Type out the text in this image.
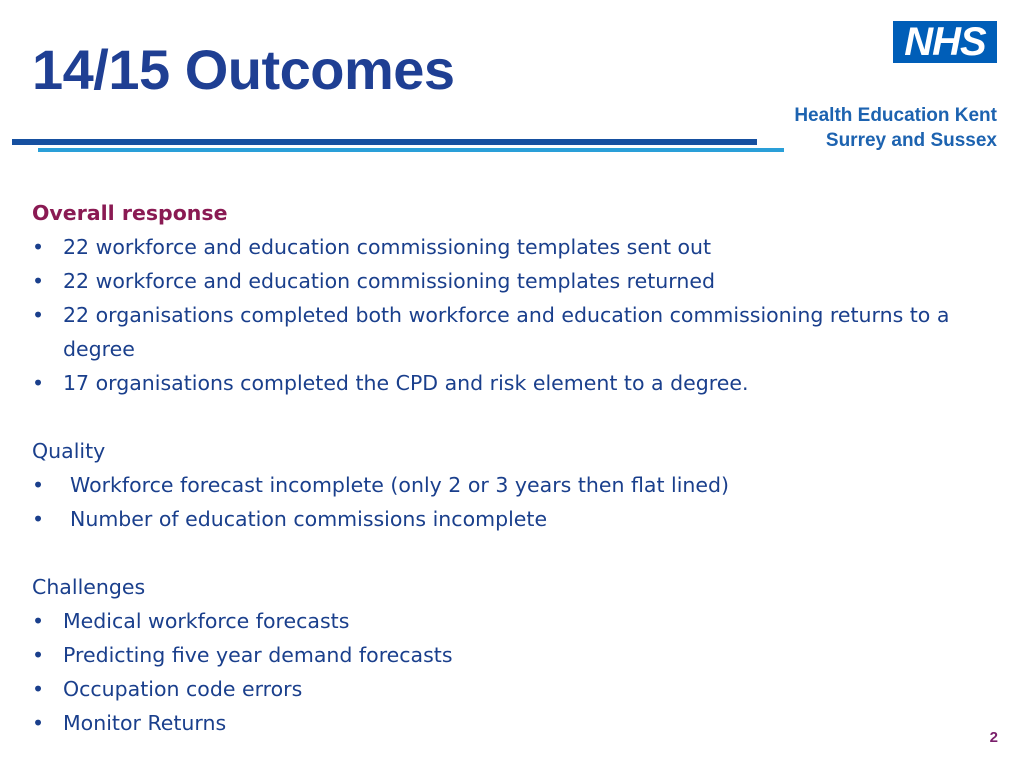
14/15 Outcomes	NHS
Health Education Kent
Surrey and Sussex
Overall response
• 22 workforce and education commissioning templates sent out
• 22 workforce and education commissioning templates returned
• 22 organisations completed both workforce and education commissioning returns to a degree
• 17 organisations completed the CPD and risk element to a degree.
Quality
• Workforce forecast incomplete (only 2 or 3 years then flat lined)
• Number of education commissions incomplete
Challenges
• Medical workforce forecasts
• Predicting five year demand forecasts
• Occupation code errors
• Monitor Returns
2
